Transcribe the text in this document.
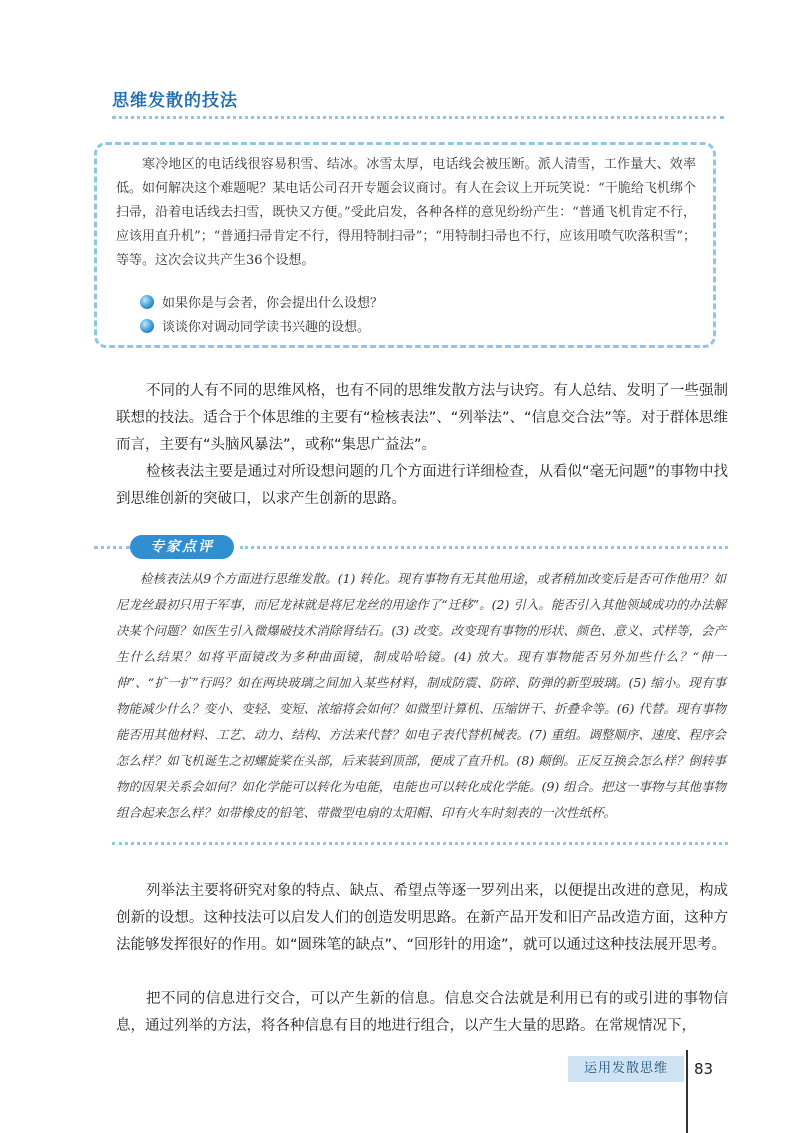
思维发散的技法
寒冷地区的电话线很容易积雪、结冰。冰雪太厚，电话线会被压断。派人清雪，工作量大、效率低。如何解决这个难题呢？某电话公司召开专题会议商讨。有人在会议上开玩笑说：“干脆给飞机绑个扫帚，沿着电话线去扫雪，既快又方便。”受此启发，各种各样的意见纷纷产生：“普通飞机肯定不行，应该用直升机”；“普通扫帚肯定不行，得用特制扫帚”；“用特制扫帚也不行，应该用喷气吹落积雪”；等等。这次会议共产生36个设想。
如果你是与会者，你会提出什么设想？
谈谈你对调动同学读书兴趣的设想。
不同的人有不同的思维风格，也有不同的思维发散方法与诀窍。有人总结、发明了一些强制联想的技法。适合于个体思维的主要有“检核表法”、“列举法”、“信息交合法”等。对于群体思维而言，主要有“头脑风暴法”，或称“集思广益法”。
检核表法主要是通过对所设想问题的几个方面进行详细检查，从看似“毫无问题”的事物中找到思维创新的突破口，以求产生创新的思路。
专家点评
检核表法从9个方面进行思维发散。(1) 转化。现有事物有无其他用途，或者稍加改变后是否可作他用？如尼龙丝最初只用于军事，而尼龙袜就是将尼龙丝的用途作了“迁移”。(2) 引入。能否引入其他领域成功的办法解决某个问题？如医生引入微爆破技术消除肾结石。(3) 改变。改变现有事物的形状、颜色、意义、式样等，会产生什么结果？如将平面镜改为多种曲面镜，制成哈哈镜。(4) 放大。现有事物能否另外加些什么？“伸一伸”、“扩一扩”行吗？如在两块玻璃之间加入某些材料，制成防震、防碎、防弹的新型玻璃。(5) 缩小。现有事物能减少什么？变小、变轻、变短、浓缩将会如何？如微型计算机、压缩饼干、折叠伞等。(6) 代替。现有事物能否用其他材料、工艺、动力、结构、方法来代替？如电子表代替机械表。(7) 重组。调整顺序、速度、程序会怎么样？如飞机诞生之初螺旋桨在头部，后来装到顶部，便成了直升机。(8) 颠倒。正反互换会怎么样？倒转事物的因果关系会如何？如化学能可以转化为电能，电能也可以转化成化学能。(9) 组合。把这一事物与其他事物组合起来怎么样？如带橡皮的铅笔、带微型电扇的太阳帽、印有火车时刻表的一次性纸杯。
列举法主要将研究对象的特点、缺点、希望点等逐一罗列出来，以便提出改进的意见，构成创新的设想。这种技法可以启发人们的创造发明思路。在新产品开发和旧产品改造方面，这种方法能够发挥很好的作用。如“圆珠笔的缺点”、“回形针的用途”，就可以通过这种技法展开思考。
把不同的信息进行交合，可以产生新的信息。信息交合法就是利用已有的或引进的事物信息，通过列举的方法，将各种信息有目的地进行组合，以产生大量的思路。在常规情况下，
运用发散思维	83
